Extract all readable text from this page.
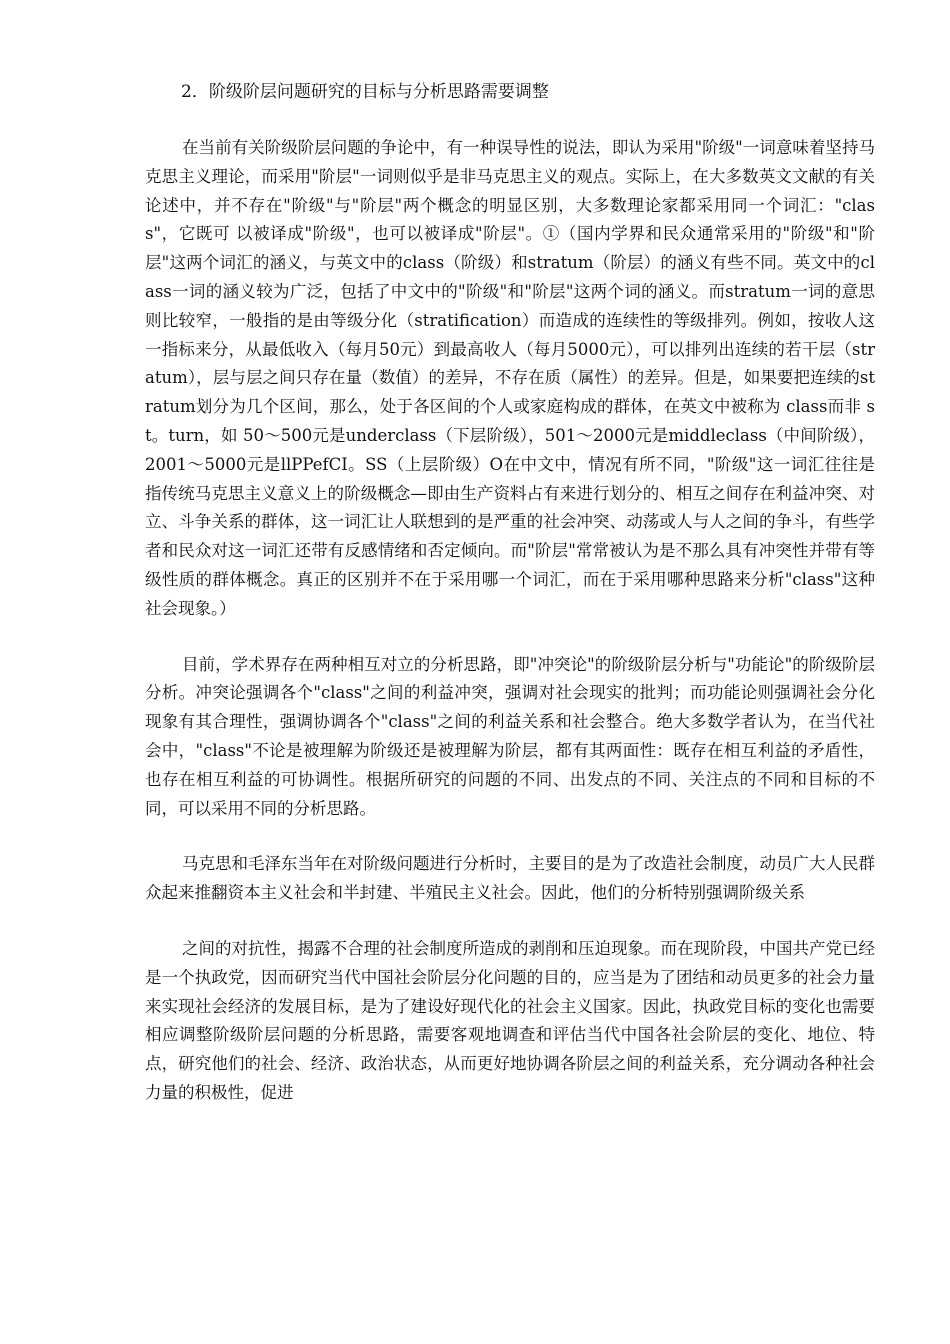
2．阶级阶层问题研究的目标与分析思路需要调整

在当前有关阶级阶层问题的争论中，有一种误导性的说法，即认为采用"阶级"一词意味着坚持马克思主义理论，而采用"阶层"一词则似乎是非马克思主义的观点。实际上，在大多数英文文献的有关论述中，并不存在"阶级"与"阶层"两个概念的明显区别，大多数理论家都采用同一个词汇："class"，它既可 以被译成"阶级"，也可以被译成"阶层"。①（国内学界和民众通常采用的"阶级"和"阶层"这两个词汇的涵义，与英文中的class（阶级）和stratum（阶层）的涵义有些不同。英文中的class一词的涵义较为广泛，包括了中文中的"阶级"和"阶层"这两个词的涵义。而stratum一词的意思则比较窄，一般指的是由等级分化（stratification）而造成的连续性的等级排列。例如，按收人这一指标来分，从最低收入（每月50元）到最高收人（每月5000元），可以排列出连续的若干层（stratum），层与层之间只存在量（数值）的差异，不存在质（属性）的差异。但是，如果要把连续的stratum划分为几个区间，那么，处于各区间的个人或家庭构成的群体，在英文中被称为 class而非 st。turn，如 50～500元是underclass（下层阶级），501～2000元是middleclass（中间阶级），2001～5000元是llPPefCI。SS（上层阶级）O在中文中，情况有所不同，"阶级"这一词汇往往是指传统马克思主义意义上的阶级概念—即由生产资料占有来进行划分的、相互之间存在利益冲突、对立、斗争关系的群体，这一词汇让人联想到的是严重的社会冲突、动荡或人与人之间的争斗，有些学者和民众对这一词汇还带有反感情绪和否定倾向。而"阶层"常常被认为是不那么具有冲突性并带有等级性质的群体概念。真正的区别并不在于采用哪一个词汇，而在于采用哪种思路来分析"class"这种社会现象。）

目前，学术界存在两种相互对立的分析思路，即"冲突论"的阶级阶层分析与"功能论"的阶级阶层分析。冲突论强调各个"class"之间的利益冲突，强调对社会现实的批判；而功能论则强调社会分化现象有其合理性，强调协调各个"class"之间的利益关系和社会整合。绝大多数学者认为，在当代社会中，"class"不论是被理解为阶级还是被理解为阶层，都有其两面性：既存在相互利益的矛盾性，也存在相互利益的可协调性。根据所研究的问题的不同、出发点的不同、关注点的不同和目标的不同，可以采用不同的分析思路。

马克思和毛泽东当年在对阶级问题进行分析时，主要目的是为了改造社会制度，动员广大人民群众起来推翻资本主义社会和半封建、半殖民主义社会。因此，他们的分析特别强调阶级关系

之间的对抗性，揭露不合理的社会制度所造成的剥削和压迫现象。而在现阶段，中国共产党已经是一个执政党，因而研究当代中国社会阶层分化问题的目的，应当是为了团结和动员更多的社会力量来实现社会经济的发展目标，是为了建设好现代化的社会主义国家。因此，执政党目标的变化也需要相应调整阶级阶层问题的分析思路，需要客观地调查和评估当代中国各社会阶层的变化、地位、特点，研究他们的社会、经济、政治状态，从而更好地协调各阶层之间的利益关系，充分调动各种社会力量的积极性，促进
